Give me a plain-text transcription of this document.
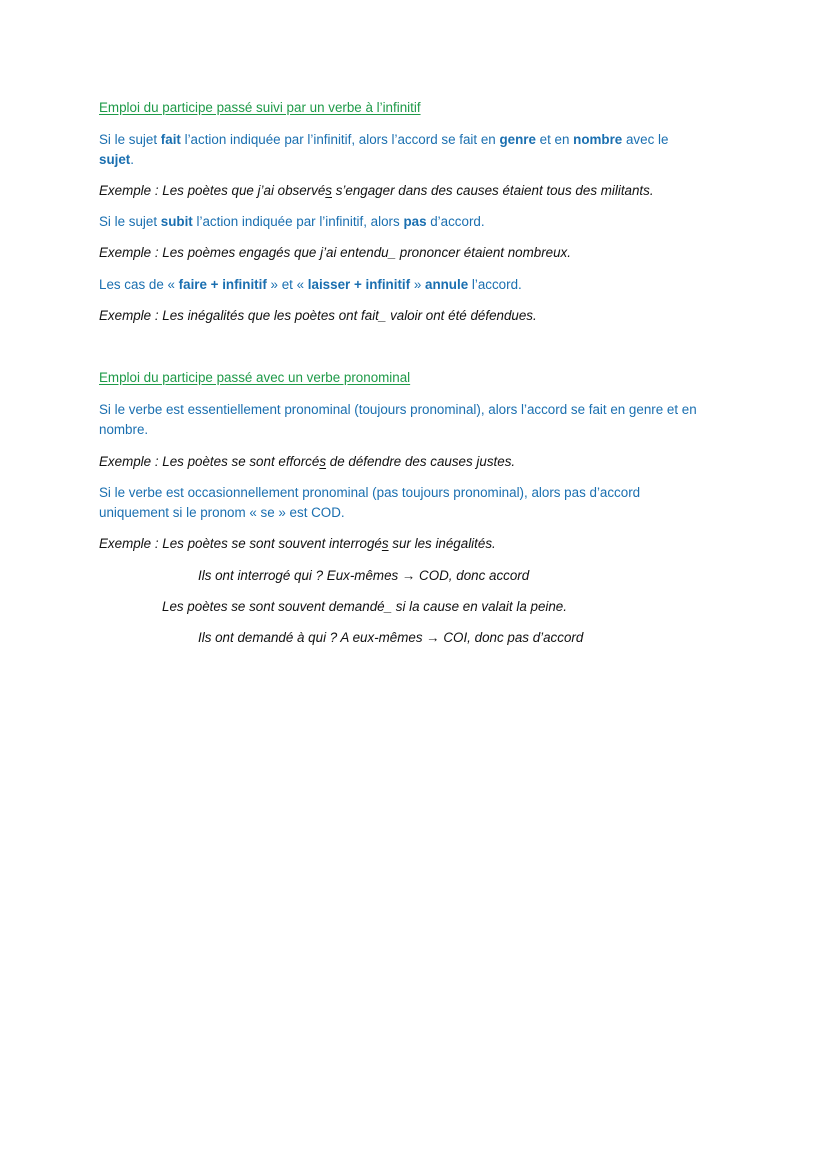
Emploi du participe passé suivi par un verbe à l’infinitif

Si le sujet fait l’action indiquée par l’infinitif, alors l’accord se fait en genre et en nombre avec le

sujet.

Exemple : Les poètes que j’ai observés s’engager dans des causes étaient tous des militants.

Si le sujet subit l’action indiquée par l’infinitif, alors pas d’accord.

Exemple : Les poèmes engagés que j’ai entendu_ prononcer étaient nombreux.

Les cas de « faire + infinitif » et « laisser + infinitif » annule l’accord.

Exemple : Les inégalités que les poètes ont fait_ valoir ont été défendues.

Emploi du participe passé avec un verbe pronominal

Si le verbe est essentiellement pronominal (toujours pronominal), alors l’accord se fait en genre et en

nombre.

Exemple : Les poètes se sont efforcés de défendre des causes justes.

Si le verbe est occasionnellement pronominal (pas toujours pronominal), alors pas d’accord

uniquement si le pronom « se » est COD.

Exemple : Les poètes se sont souvent interrogés sur les inégalités.

Ils ont interrogé qui ? Eux-mêmes → COD, donc accord

Les poètes se sont souvent demandé_ si la cause en valait la peine.

Ils ont demandé à qui ? A eux-mêmes → COI, donc pas d’accord
